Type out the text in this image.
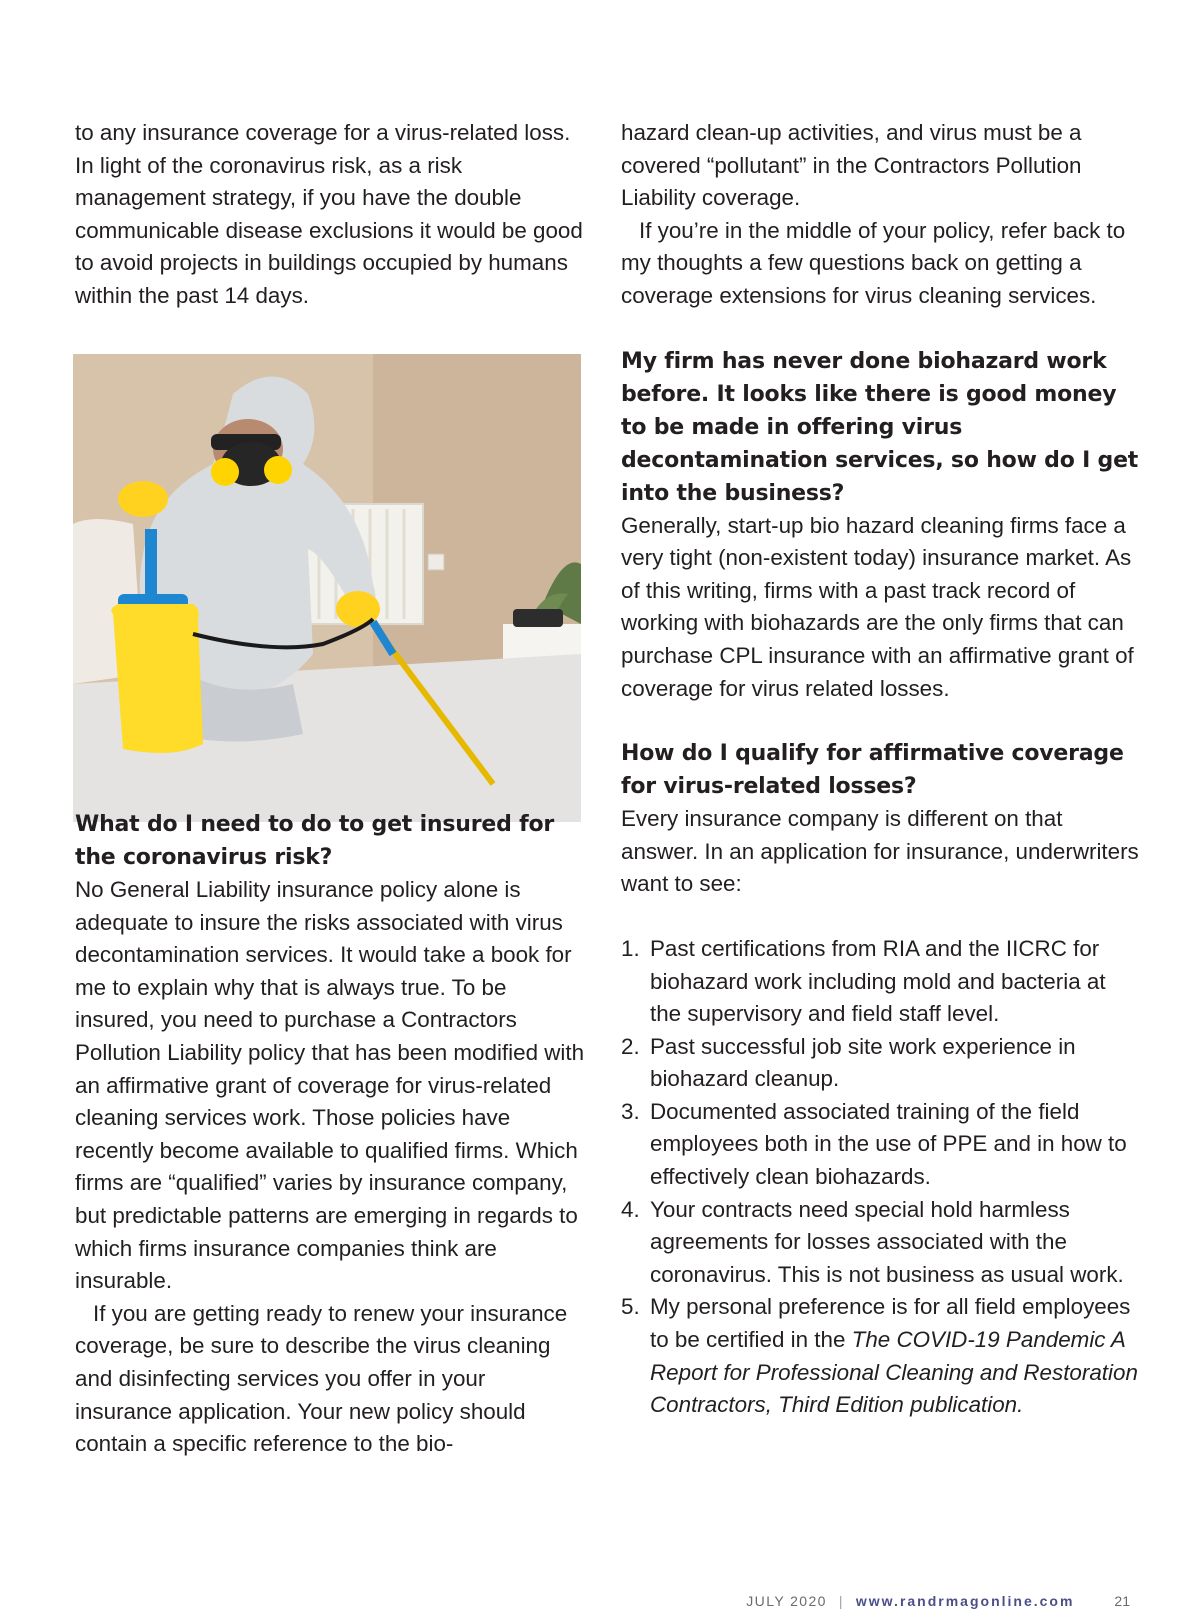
to any insurance coverage for a virus-related loss. In light of the coronavirus risk, as a risk management strategy, if you have the double communicable disease exclusions it would be good to avoid projects in buildings occupied by humans within the past 14 days.

What do I need to do to get insured for the coronavirus risk?

No General Liability insurance policy alone is adequate to insure the risks associated with virus decontamination services. It would take a book for me to explain why that is always true. To be insured, you need to purchase a Contractors Pollution Liability policy that has been modified with an affirmative grant of coverage for virus-related cleaning services work. Those policies have recently become available to qualified firms. Which firms are “qualified” varies by insurance company, but predictable patterns are emerging in regards to which firms insurance companies think are insurable.

If you are getting ready to renew your insurance coverage, be sure to describe the virus cleaning and disinfecting services you offer in your insurance application. Your new policy should contain a specific reference to the bio-

hazard clean-up activities, and virus must be a covered “pollutant” in the Contractors Pollution Liability coverage.

If you’re in the middle of your policy, refer back to my thoughts a few questions back on getting a coverage extensions for virus cleaning services.

My firm has never done biohazard work before. It looks like there is good money to be made in offering virus decontamination services, so how do I get into the business?

Generally, start-up bio hazard cleaning firms face a very tight (non-existent today) insurance market. As of this writing, firms with a past track record of working with biohazards are the only firms that can purchase CPL insurance with an affirmative grant of coverage for virus related losses.

How do I qualify for affirmative coverage for virus-related losses?

Every insurance company is different on that answer. In an application for insurance, underwriters want to see:

1. Past certifications from RIA and the IICRC for biohazard work including mold and bacteria at the supervisory and field staff level.
2. Past successful job site work experience in biohazard cleanup.
3. Documented associated training of the field employees both in the use of PPE and in how to effectively clean biohazards.
4. Your contracts need special hold harmless agreements for losses associated with the coronavirus. This is not business as usual work.
5. My personal preference is for all field employees to be certified in the The COVID-19 Pandemic A Report for Professional Cleaning and Restoration Contractors, Third Edition publication.
JULY 2020 | www.randrmagonline.com	21
